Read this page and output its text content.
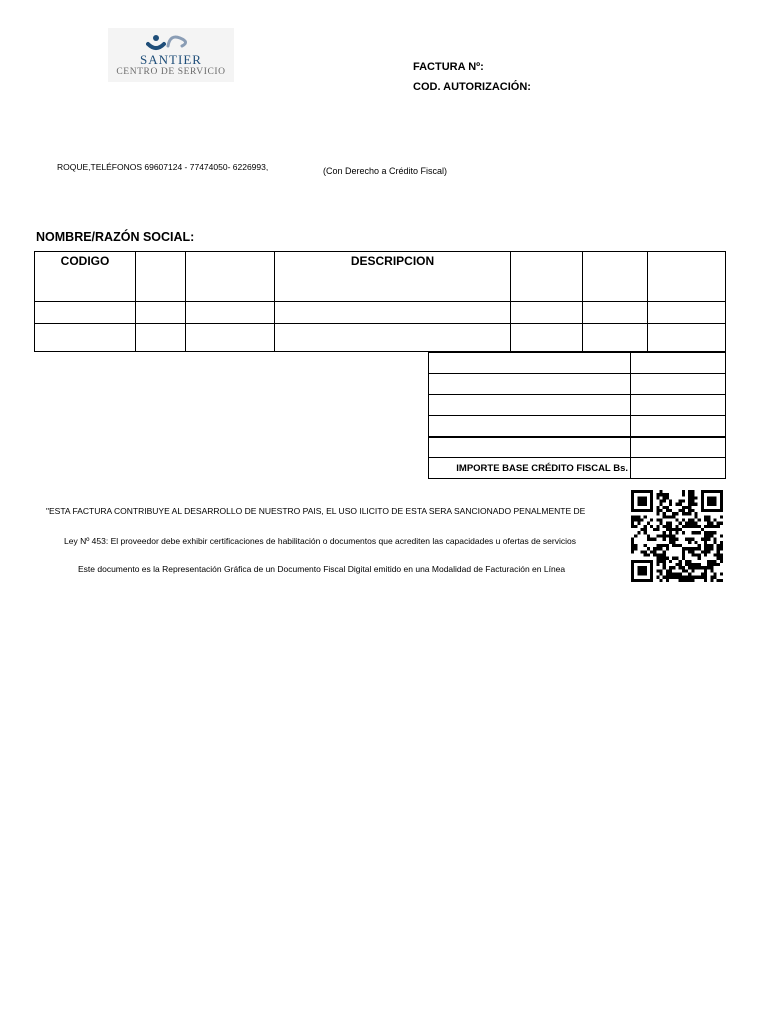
SANTIER
CENTRO DE SERVICIO	FACTURA Nº:
COD. AUTORIZACIÓN:
ROQUE,TELÉFONOS 69607124 - 77474050- 6226993,	(Con Derecho a Crédito Fiscal)
NOMBRE/RAZÓN SOCIAL:
CODIGO			DESCRIPCION			

IMPORTE BASE CRÉDITO FISCAL Bs.	
"ESTA FACTURA CONTRIBUYE AL DESARROLLO DE NUESTRO PAIS, EL USO ILICITO DE ESTA SERA SANCIONADO PENALMENTE DE
Ley Nº 453: El proveedor debe exhibir certificaciones de habilitación o documentos que acrediten las capacidades u ofertas de servicios
Este documento es la Representación Gráfica de un Documento Fiscal Digital emitido en una Modalidad de Facturación en Línea
